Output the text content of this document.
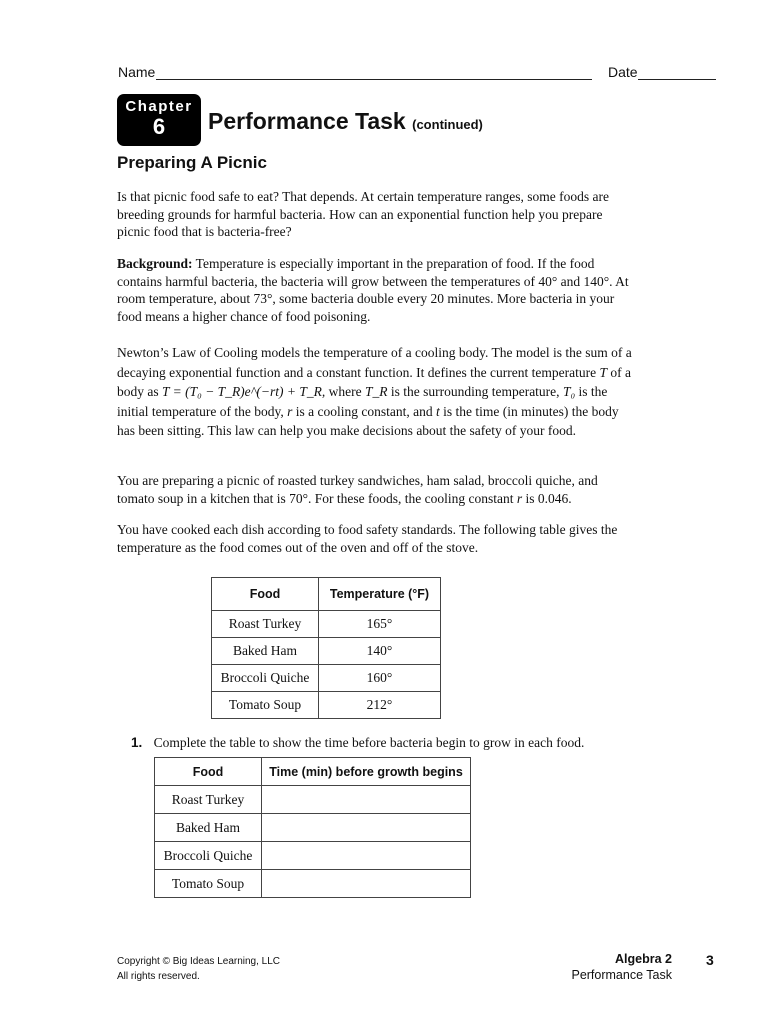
Name	Date
Chapter
6	Performance Task (continued)
Preparing A Picnic
Is that picnic food safe to eat? That depends. At certain temperature ranges, some foods are breeding grounds for harmful bacteria. How can an exponential function help you prepare picnic food that is bacteria-free?
Background: Temperature is especially important in the preparation of food. If the food contains harmful bacteria, the bacteria will grow between the temperatures of 40° and 140°. At room temperature, about 73°, some bacteria double every 20 minutes. More bacteria in your food means a higher chance of food poisoning.
Newton’s Law of Cooling models the temperature of a cooling body. The model is the sum of a decaying exponential function and a constant function. It defines the current temperature T of a body as T = (T₀ − T_R)e^(−rt) + T_R, where T_R is the surrounding temperature, T₀ is the initial temperature of the body, r is a cooling constant, and t is the time (in minutes) the body has been sitting. This law can help you make decisions about the safety of your food.
You are preparing a picnic of roasted turkey sandwiches, ham salad, broccoli quiche, and tomato soup in a kitchen that is 70°. For these foods, the cooling constant r is 0.046.
You have cooked each dish according to food safety standards. The following table gives the temperature as the food comes out of the oven and off of the stove.
Food	Temperature (°F)
Roast Turkey	165°
Baked Ham	140°
Broccoli Quiche	160°
Tomato Soup	212°
1. Complete the table to show the time before bacteria begin to grow in each food.
Food	Time (min) before growth begins
Roast Turkey	
Baked Ham	
Broccoli Quiche	
Tomato Soup	
Copyright © Big Ideas Learning, LLC
All rights reserved.
Algebra 2
Performance Task
3
